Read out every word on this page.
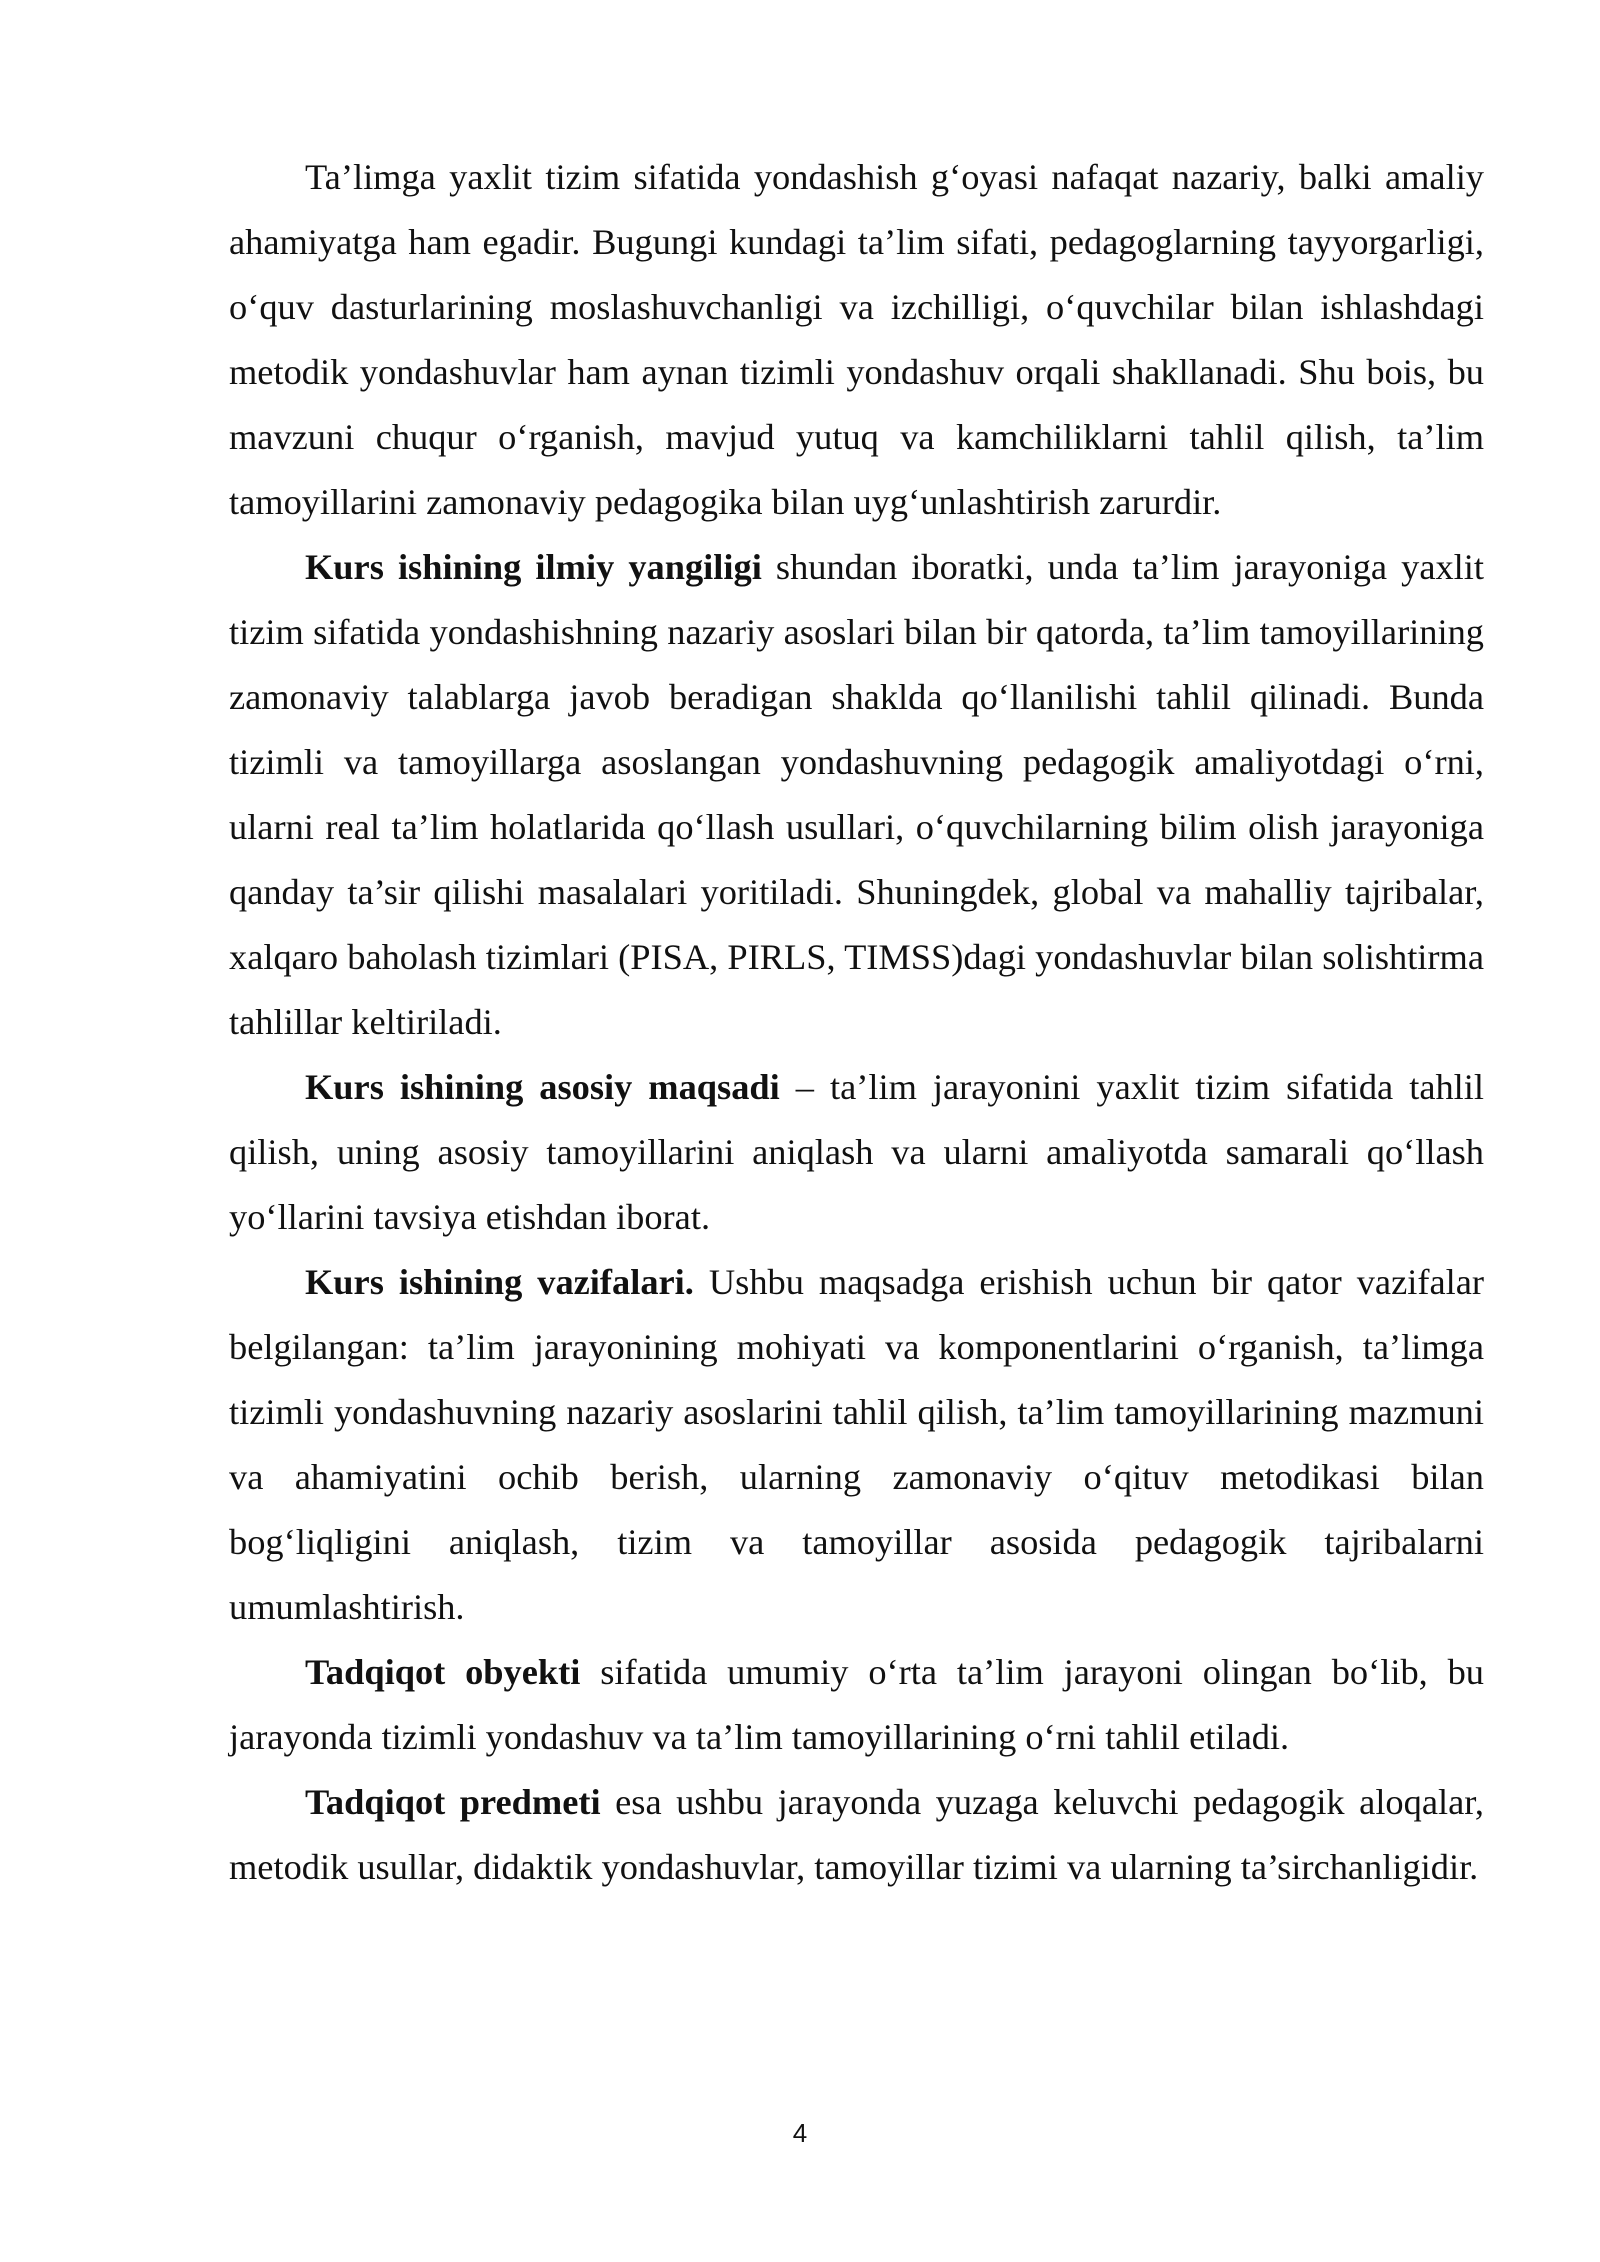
Ta’limga yaxlit tizim sifatida yondashish g‘oyasi nafaqat nazariy, balki amaliy ahamiyatga ham egadir. Bugungi kundagi ta’lim sifati, pedagoglarning tayyorgarligi, o‘quv dasturlarining moslashuvchanligi va izchilligi, o‘quvchilar bilan ishlashdagi metodik yondashuvlar ham aynan tizimli yondashuv orqali shakllanadi. Shu bois, bu mavzuni chuqur o‘rganish, mavjud yutuq va kamchiliklarni tahlil qilish, ta’lim tamoyillarini zamonaviy pedagogika bilan uyg‘unlashtirish zarurdir.

Kurs ishining ilmiy yangiligi shundan iboratki, unda ta’lim jarayoniga yaxlit tizim sifatida yondashishning nazariy asoslari bilan bir qatorda, ta’lim tamoyillarining zamonaviy talablarga javob beradigan shaklda qo‘llanilishi tahlil qilinadi. Bunda tizimli va tamoyillarga asoslangan yondashuvning pedagogik amaliyotdagi o‘rni, ularni real ta’lim holatlarida qo‘llash usullari, o‘quvchilarning bilim olish jarayoniga qanday ta’sir qilishi masalalari yoritiladi. Shuningdek, global va mahalliy tajribalar, xalqaro baholash tizimlari (PISA, PIRLS, TIMSS)dagi yondashuvlar bilan solishtirma tahlillar keltiriladi.

Kurs ishining asosiy maqsadi – ta’lim jarayonini yaxlit tizim sifatida tahlil qilish, uning asosiy tamoyillarini aniqlash va ularni amaliyotda samarali qo‘llash yo‘llarini tavsiya etishdan iborat.

Kurs ishining vazifalari. Ushbu maqsadga erishish uchun bir qator vazifalar belgilangan: ta’lim jarayonining mohiyati va komponentlarini o‘rganish, ta’limga tizimli yondashuvning nazariy asoslarini tahlil qilish, ta’lim tamoyillarining mazmuni va ahamiyatini ochib berish, ularning zamonaviy o‘qituv metodikasi bilan bog‘liqligini aniqlash, tizim va tamoyillar asosida pedagogik tajribalarni umumlashtirish.

Tadqiqot obyekti sifatida umumiy o‘rta ta’lim jarayoni olingan bo‘lib, bu jarayonda tizimli yondashuv va ta’lim tamoyillarining o‘rni tahlil etiladi.

Tadqiqot predmeti esa ushbu jarayonda yuzaga keluvchi pedagogik aloqalar, metodik usullar, didaktik yondashuvlar, tamoyillar tizimi va ularning ta’sirchanligidir.

4
